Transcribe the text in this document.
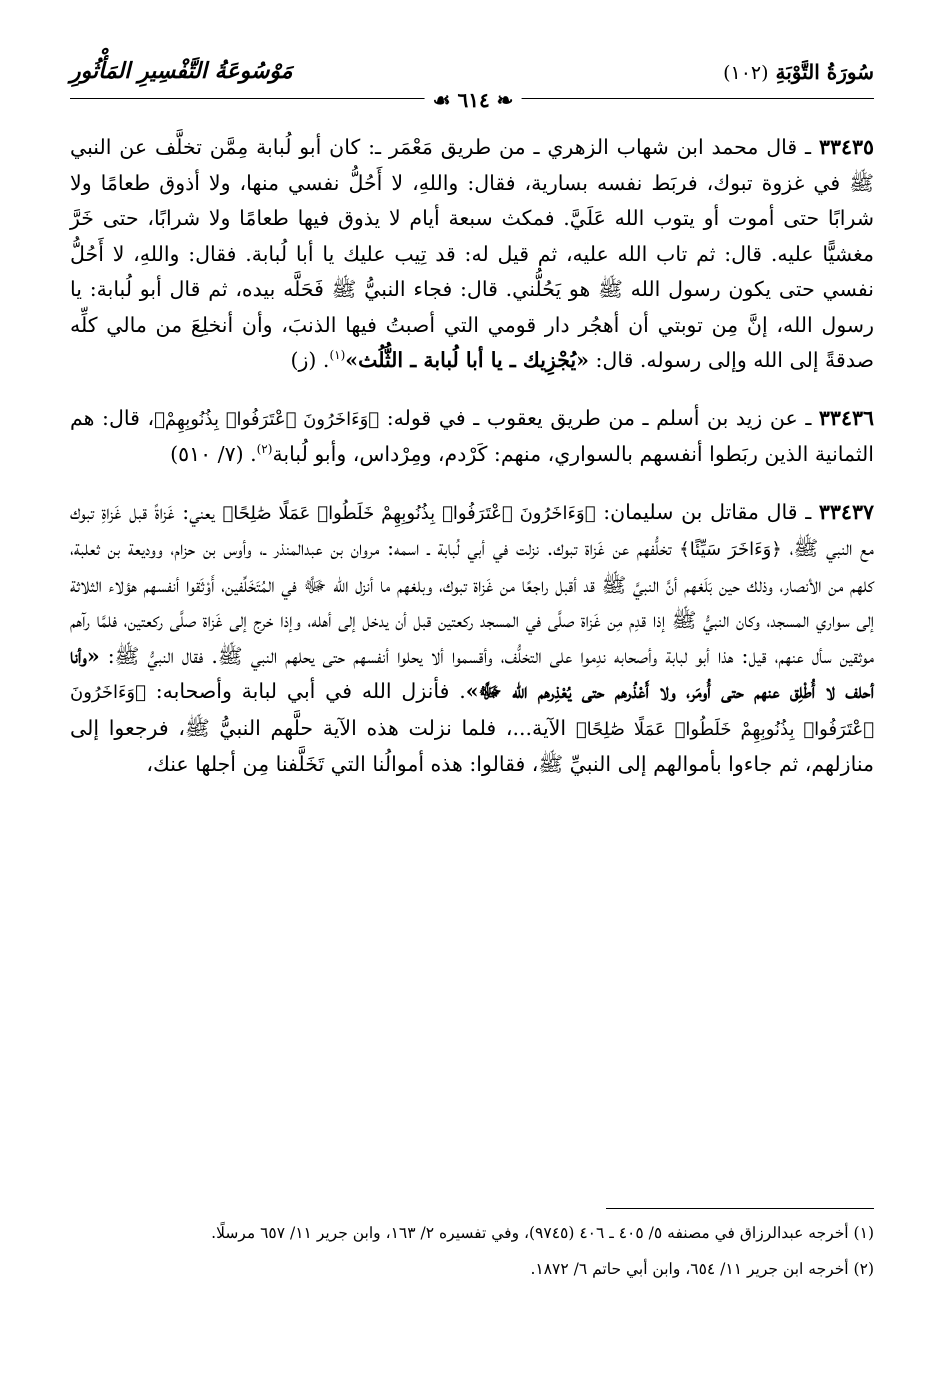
سُورَةُ التَّوْبَةِ (١٠٢)
مَوْسُوعَةُ التَّفْسِيرِ المَأْثُورِ
❧ ٦١٤ ☙

٣٣٤٣٥ ـ قال محمد ابن شهاب الزهري ـ من طريق مَعْمَر ـ: كان أبو لُبابة مِمَّن تخلَّف عن النبي ﷺ في غزوة تبوك، فربَط نفسه بسارية، فقال: واللهِ، لا أَحُلُّ نفسي منها، ولا أذوق طعامًا ولا شرابًا حتى أموت أو يتوب الله عَلَيَّ. فمكث سبعة أيام لا يذوق فيها طعامًا ولا شرابًا، حتى خَرَّ مغشيًّا عليه. قال: ثم تاب الله عليه، ثم قيل له: قد تِيب عليك يا أبا لُبابة. فقال: واللهِ، لا أَحُلُّ نفسي حتى يكون رسول الله ﷺ هو يَحُلُّني. قال: فجاء النبيُّ ﷺ فَحَلَّه بيده، ثم قال أبو لُبابة: يا رسول الله، إنَّ مِن توبتي أن أهجُر دار قومي التي أصبتُ فيها الذنبَ، وأن أنخلِعَ من مالي كلِّه صدقةً إلى الله وإلى رسوله. قال: «يُجْزِيك ـ يا أبا لُبابة ـ الثُّلُث»$^{(١)}$. (ز)

٣٣٤٣٦ ـ عن زيد بن أسلم ـ من طريق يعقوب ـ في قوله: ﴿وَءَاخَرُونَ ٱعْتَرَفُوا۟ بِذُنُوبِهِمْ﴾، قال: هم الثمانية الذين ربَطوا أنفسهم بالسواري، منهم: كَرْدم، ومِرْداس، وأبو لُبابة$^{(٢)}$. (٧/ ٥١٠)

٣٣٤٣٧ ـ قال مقاتل بن سليمان: ﴿وَءَاخَرُونَ ٱعْتَرَفُوا۟ بِذُنُوبِهِمْ خَلَطُوا۟ عَمَلًا صَٰلِحًا﴾ يعني: غَزاةً قبل غَزاةِ تبوك مع النبي ﷺ، ﴿وَءَاخَرَ سَيِّئًا﴾ تخلُّفهم عن غَزاة تبوك. نزلت في أبي لُبابة ـ اسمه: مروان بن عبدالمنذر ـ، وأوس بن حزام، ووديعة بن ثعلبة، كلهم من الأنصار، وذلك حين بَلَغهم أنَّ النبيَّ ﷺ قد أقبل راجعًا من غَزاة تبوك، وبلغهم ما أنزل الله ﷻ في المُتَخَلِّفين، أَوْثَقوا أنفسهم هؤلاء الثلاثة إلى سواري المسجد، وكان النبيُّ ﷺ إذا قدِم مِن غَزاة صلَّى في المسجد ركعتين قبل أن يدخل إلى أهله، وإذا خرج إلى غَزاة صلَّى ركعتين، فلمَّا رآهم موثقين سأل عنهم، قيل: هذا أبو لبابة وأصحابه ندِموا على التخلُّف، وأقسموا ألا يحلوا أنفسهم حتى يحلهم النبي ﷺ. فقال النبيُّ ﷺ: «وأنا أحلف لا أُطْلِق عنهم حتى أُومَر، ولا أَعْذُرهم حتى يُعْذِرهم الله ﷻ». فأنزل الله في أبي لبابة وأصحابه: ﴿وَءَاخَرُونَ ٱعْتَرَفُوا۟ بِذُنُوبِهِمْ خَلَطُوا۟ عَمَلًا صَٰلِحًا﴾ الآية...، فلما نزلت هذه الآية حلَّهم النبيُّ ﷺ، فرجعوا إلى منازلهم، ثم جاءوا بأموالهم إلى النبيِّ ﷺ، فقالوا: هذه أموالُنا التي تَخَلَّفنا مِن أجلها عنك،

(١) أخرجه عبدالرزاق في مصنفه ٥/ ٤٠٥ ـ ٤٠٦ (٩٧٤٥)، وفي تفسيره ٢/ ١٦٣، وابن جرير ١١/ ٦٥٧ مرسلًا.

(٢) أخرجه ابن جرير ١١/ ٦٥٤، وابن أبي حاتم ٦/ ١٨٧٢.
